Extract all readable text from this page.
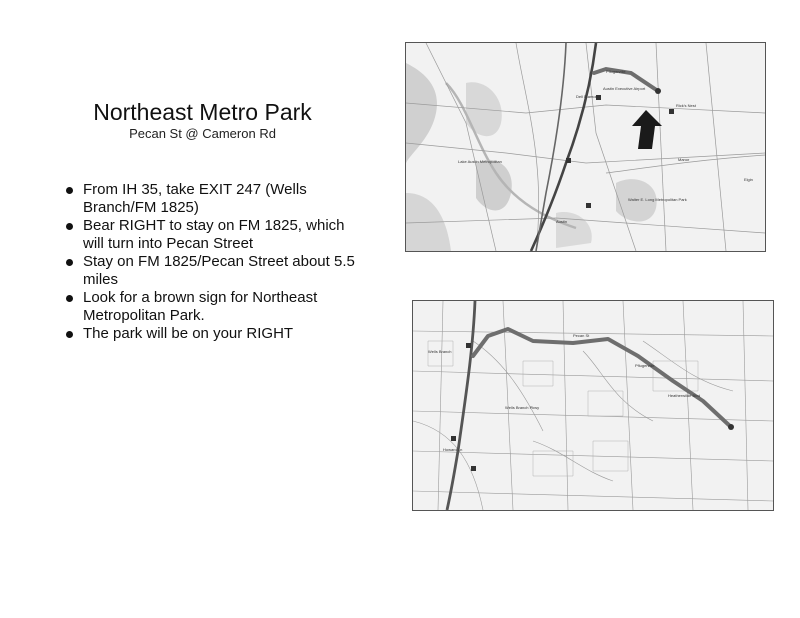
Northeast Metro Park
Pecan St @ Cameron Rd
From IH 35, take EXIT 247 (Wells Branch/FM 1825)
Bear RIGHT to stay on FM 1825, which will turn into Pecan Street
Stay on FM 1825/Pecan Street about 5.5 miles
Look for a brown sign for Northeast Metropolitan Park.
The park will be on your RIGHT
Pflugerville
Austin Executive Airport
Rick's Nest
Lake Austin Metropolitan	Manor
Austin
Dell Diamond
Walter E. Long Metropolitan Park
Elgin
Wells Branch
Pflugerville
Pecan St
Wells Branch Pkwy
Howard Ln
Heatherwilde Blvd
